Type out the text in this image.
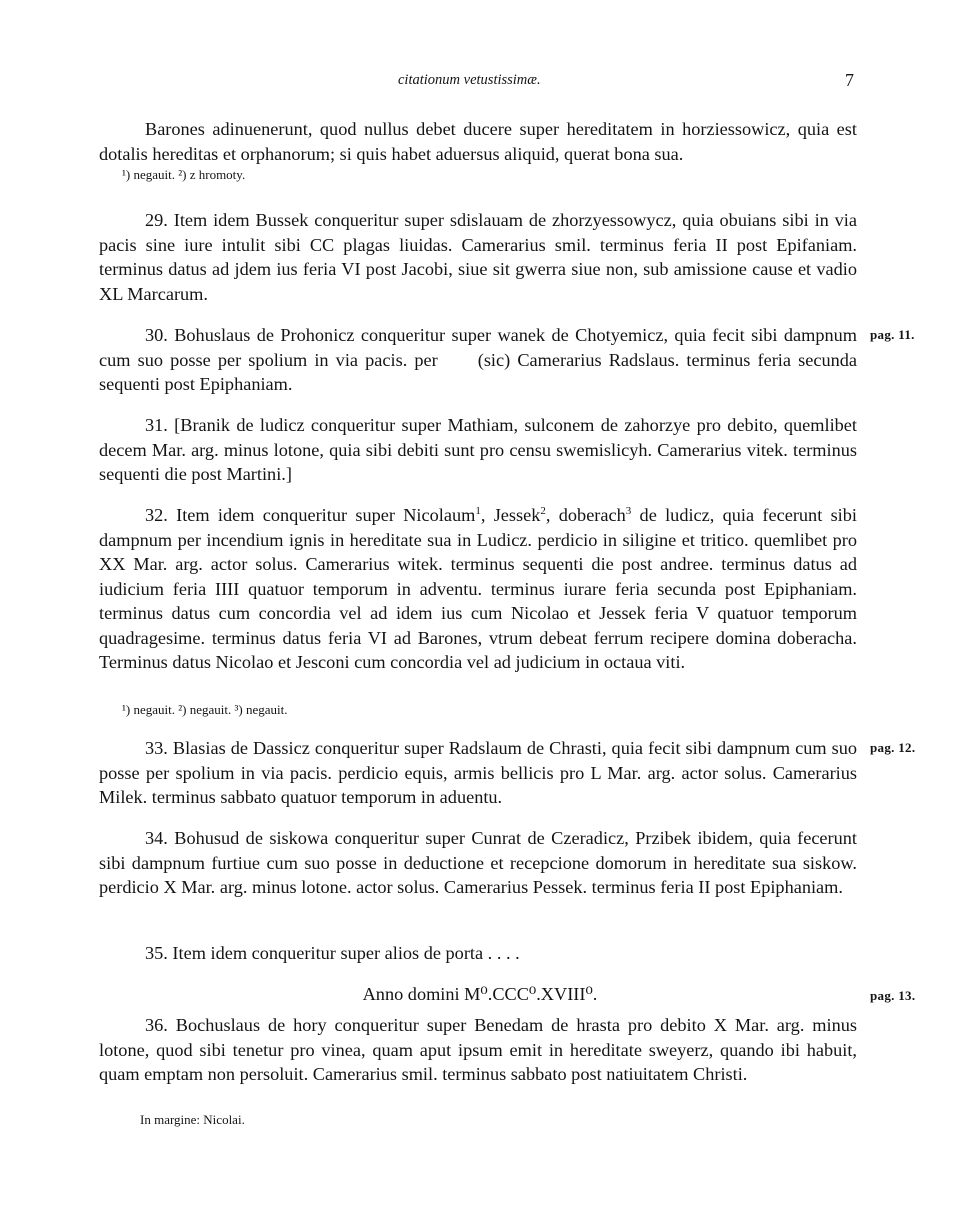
citationum vetustissimæ.	7

Barones adinuenerunt, quod nullus debet ducere super hereditatem in horziessowicz, quia est dotalis hereditas et orphanorum; si quis habet aduersus aliquid, querat bona sua.

¹) negauit. ²) z hromoty.

29. Item idem Bussek conqueritur super sdislauam de zhorzyessowycz, quia obuians sibi in via pacis sine iure intulit sibi CC plagas liuidas. Camerarius smil. terminus feria II post Epifaniam. terminus datus ad jdem ius feria VI post Jacobi, siue sit gwerra siue non, sub amissione cause et vadio XL Marcarum.

30. Bohuslaus de Prohonicz conqueritur super wanek de Chotyemicz, quia fecit sibi dampnum cum suo posse per spolium in via pacis. per (sic) Camerarius Radslaus. terminus feria secunda sequenti post Epiphaniam.

pag. 11.

31. [Branik de ludicz conqueritur super Mathiam, sulconem de zahorzye pro debito, quemlibet decem Mar. arg. minus lotone, quia sibi debiti sunt pro censu swemislicyh. Camerarius vitek. terminus sequenti die post Martini.]

32. Item idem conqueritur super Nicolaum$^1$, Jessek$^2$, doberach$^3$ de ludicz, quia fecerunt sibi dampnum per incendium ignis in hereditate sua in Ludicz. perdicio in siligine et tritico. quemlibet pro XX Mar. arg. actor solus. Camerarius witek. terminus sequenti die post andree. terminus datus ad iudicium feria IIII quatuor temporum in adventu. terminus iurare feria secunda post Epiphaniam. terminus datus cum concordia vel ad idem ius cum Nicolao et Jessek feria V quatuor temporum quadragesime. terminus datus feria VI ad Barones, vtrum debeat ferrum recipere domina doberacha. Terminus datus Nicolao et Jesconi cum concordia vel ad judicium in octaua viti.

¹) negauit. ²) negauit. ³) negauit.

33. Blasias de Dassicz conqueritur super Radslaum de Chrasti, quia fecit sibi dampnum cum suo posse per spolium in via pacis. perdicio equis, armis bellicis pro L Mar. arg. actor solus. Camerarius Milek. terminus sabbato quatuor temporum in aduentu.

pag. 12.

34. Bohusud de siskowa conqueritur super Cunrat de Czeradicz, Przibek ibidem, quia fecerunt sibi dampnum furtiue cum suo posse in deductione et recepcione domorum in hereditate sua siskow. perdicio X Mar. arg. minus lotone. actor solus. Camerarius Pessek. terminus feria II post Epiphaniam.

35. Item idem conqueritur super alios de porta . . . .

Anno domini M⁰.CCC⁰.XVIII⁰.	pag. 13.

36. Bochuslaus de hory conqueritur super Benedam de hrasta pro debito X Mar. arg. minus lotone, quod sibi tenetur pro vinea, quam aput ipsum emit in hereditate sweyerz, quando ibi habuit, quam emptam non persoluit. Camerarius smil. terminus sabbato post natiuitatem Christi.

In margine: Nicolai.
